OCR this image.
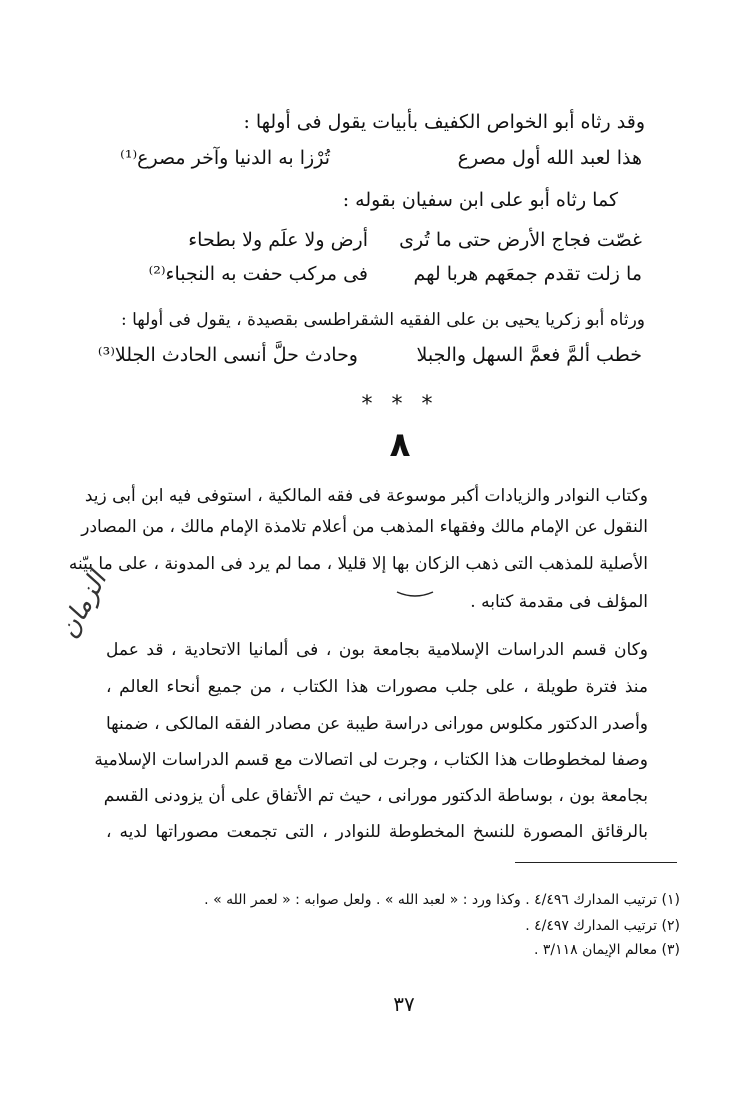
وقد رثاه أبو الخواص الكفيف بأبيات يقول فى أولها :
هذا لعبد الله أول مصرع
تُرْزا به الدنيا وآخر مصرع⁽¹⁾
كما رثاه أبو على ابن سفيان بقوله :
غصّت فجاج الأرض حتى ما تُرى
أرض ولا علَم ولا بطحاء
ما زلت تقدم جمعَهم هربا لهم
فى مركب حفت به النجباء⁽²⁾
ورثاه أبو زكريا يحيى بن على الفقيه الشقراطسى بقصيدة ، يقول فى أولها :
خطب ألمَّ فعمَّ السهل والجبلا
وحادث حلَّ أنسى الحادث الجللا⁽³⁾
* * *
٨
وكتاب النوادر والزيادات أكبر موسوعة فى فقه المالكية ، استوفى فيه ابن أبى زيد
النقول عن الإمام مالك وفقهاء المذهب من أعلام تلامذة الإمام مالك ، من المصادر
الأصلية للمذهب التى ذهب الزكان بها إلا قليلا ، مما لم يرد فى المدونة ، على ما بيّنه
المؤلف فى مقدمة كتابه .
الزمان
وكان قسم الدراسات الإسلامية بجامعة بون ، فى ألمانيا الاتحادية ، قد عمل
منذ فترة طويلة ، على جلب مصورات هذا الكتاب ، من جميع أنحاء العالم ،
وأصدر الدكتور مكلوس مورانى دراسة طيبة عن مصادر الفقه المالكى ، ضمنها
وصفا لمخطوطات هذا الكتاب ، وجرت لى اتصالات مع قسم الدراسات الإسلامية
بجامعة بون ، بوساطة الدكتور مورانى ، حيث تم الأتفاق على أن يزودنى القسم
بالرقائق المصورة للنسخ المخطوطة للنوادر ، التى تجمعت مصوراتها لديه ،
(١) ترتيب المدارك ٤/٤٩٦ . وكذا ورد : « لعبد الله » . ولعل صوابه : « لعمر الله » .
(٢) ترتيب المدارك ٤/٤٩٧ .
(٣) معالم الإيمان ٣/١١٨ .
٣٧
